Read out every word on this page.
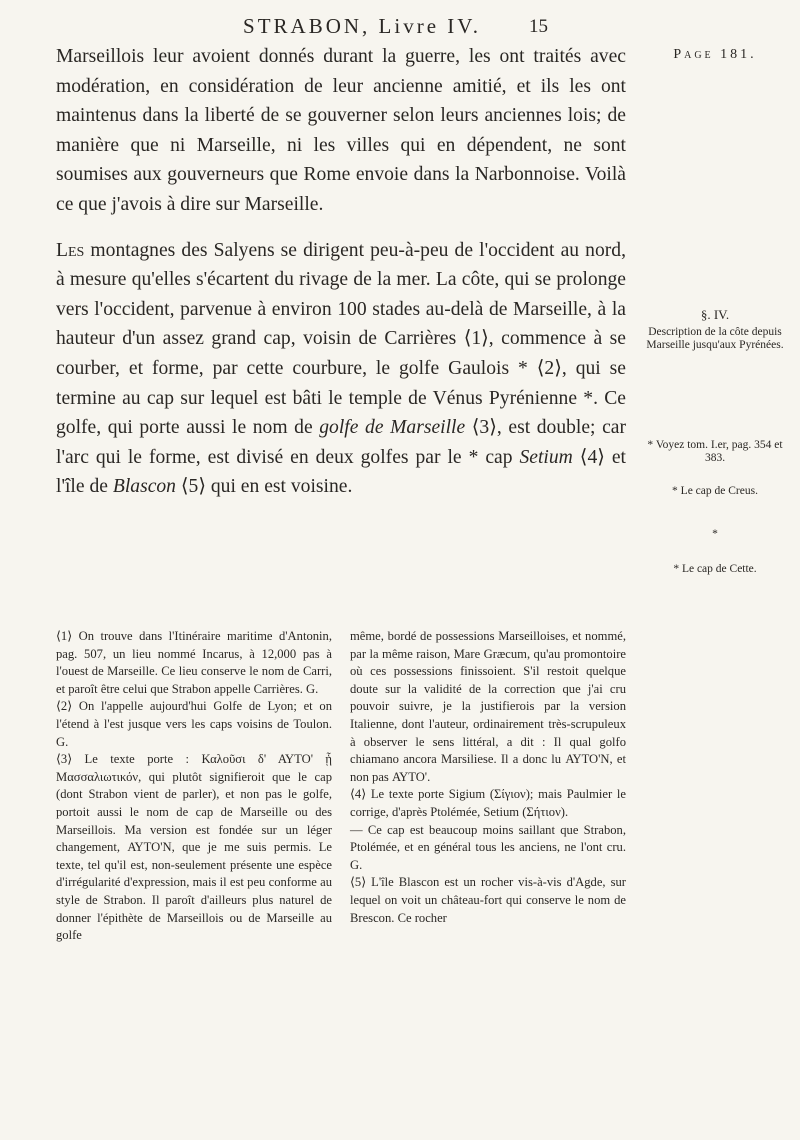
STRABON, Livre IV.	15

Marseillois leur avoient donnés durant la guerre, les ont traités avec modération, en considération de leur ancienne amitié, et ils les ont maintenus dans la liberté de se gouverner selon leurs anciennes lois; de manière que ni Marseille, ni les villes qui en dépendent, ne sont soumises aux gouverneurs que Rome envoie dans la Narbonnoise. Voilà ce que j'avois à dire sur Marseille.

Les montagnes des Salyens se dirigent peu-à-peu de l'occident au nord, à mesure qu'elles s'écartent du rivage de la mer. La côte, qui se prolonge vers l'occident, parvenue à environ 100 stades au-delà de Marseille, à la hauteur d'un assez grand cap, voisin de Carrières ⟨1⟩, commence à se courber, et forme, par cette courbure, le golfe Gaulois * ⟨2⟩, qui se termine au cap sur lequel est bâti le temple de Vénus Pyrénienne *. Ce golfe, qui porte aussi le nom de golfe de Marseille ⟨3⟩, est double; car l'arc qui le forme, est divisé en deux golfes par le * cap Setium ⟨4⟩ et l'île de Blascon ⟨5⟩ qui en est voisine.

Page 181.
§. IV.
Description de la côte depuis Marseille jusqu'aux Pyrénées.
* Voyez tom. I.er, pag. 354 et 383.
* Le cap de Creus.
*
* Le cap de Cette.

⟨1⟩ On trouve dans l'Itinéraire maritime d'Antonin, pag. 507, un lieu nommé Incarus, à 12,000 pas à l'ouest de Marseille. Ce lieu conserve le nom de Carri, et paroît être celui que Strabon appelle Carrières. G.

⟨2⟩ On l'appelle aujourd'hui Golfe de Lyon; et on l'étend à l'est jusque vers les caps voisins de Toulon. G.

⟨3⟩ Le texte porte : Καλοῦσι δ' ΑΥΤΟ' ᾗ Μασσαλιωτικόν, qui plutôt signifieroit que le cap (dont Strabon vient de parler), et non pas le golfe, portoit aussi le nom de cap de Marseille ou des Marseillois. Ma version est fondée sur un léger changement, ΑΥΤΟ'Ν, que je me suis permis. Le texte, tel qu'il est, non-seulement présente une espèce d'irrégularité d'expression, mais il est peu conforme au style de Strabon. Il paroît d'ailleurs plus naturel de donner l'épithète de Marseillois ou de Marseille au golfe

même, bordé de possessions Marseilloises, et nommé, par la même raison, Mare Græcum, qu'au promontoire où ces possessions finissoient. S'il restoit quelque doute sur la validité de la correction que j'ai cru pouvoir suivre, je la justifierois par la version Italienne, dont l'auteur, ordinairement très-scrupuleux à observer le sens littéral, a dit : Il qual golfo chiamano ancora Marsiliese. Il a donc lu ΑΥΤΟ'Ν, et non pas ΑΥΤΟ'.

⟨4⟩ Le texte porte Sigium (Σίγιον); mais Paulmier le corrige, d'après Ptolémée, Setium (Σήτιον).

— Ce cap est beaucoup moins saillant que Strabon, Ptolémée, et en général tous les anciens, ne l'ont cru. G.

⟨5⟩ L'île Blascon est un rocher vis-à-vis d'Agde, sur lequel on voit un château-fort qui conserve le nom de Brescon. Ce rocher
